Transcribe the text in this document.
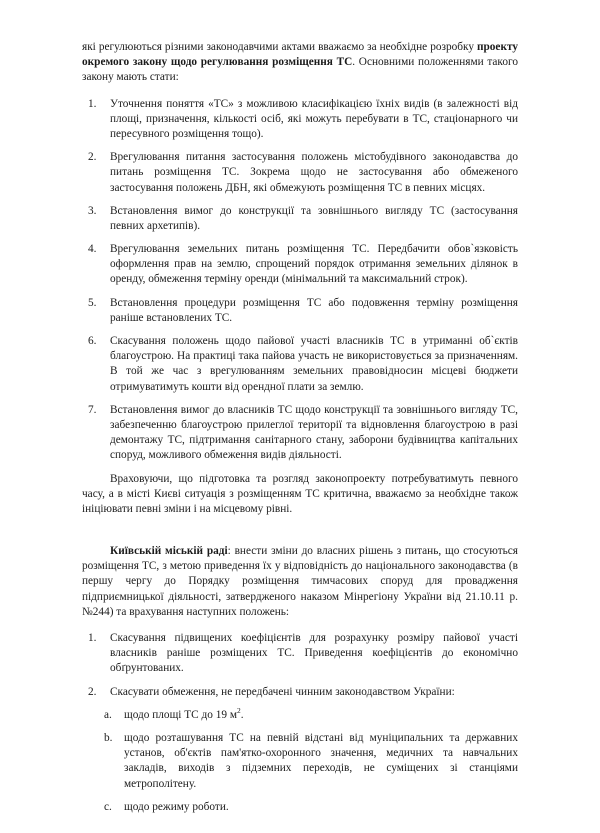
які регулюються різними законодавчими актами вважаємо за необхідне розробку проекту окремого закону щодо регулювання розміщення ТС. Основними положеннями такого закону мають стати:

1.	Уточнення поняття «ТС» з можливою класифікацією їхніх видів (в залежності від площі, призначення, кількості осіб, які можуть перебувати в ТС, стаціонарного чи пересувного розміщення тощо).
2.	Врегулювання питання застосування положень містобудівного законодавства до питань розміщення ТС. Зокрема щодо не застосування або обмеженого застосування положень ДБН, які обмежують розміщення ТС в певних місцях.
3.	Встановлення вимог до конструкції та зовнішнього вигляду ТС (застосування певних архетипів).
4.	Врегулювання земельних питань розміщення ТС. Передбачити обов`язковість оформлення прав на землю, спрощений порядок отримання земельних ділянок в оренду, обмеження терміну оренди (мінімальний та максимальний строк).
5.	Встановлення процедури розміщення ТС або подовження терміну розміщення раніше встановлених ТС.
6.	Скасування положень щодо пайової участі власників ТС в утриманні об`єктів благоустрою. На практиці така пайова участь не використовується за призначенням. В той же час з врегулюванням земельних правовідносин місцеві бюджети отримуватимуть кошти від орендної плати за землю.
7.	Встановлення вимог до власників ТС щодо конструкції та зовнішнього вигляду ТС, забезпеченню благоустрою прилеглої території та відновлення благоустрою в разі демонтажу ТС, підтримання санітарного стану, заборони будівництва капітальних споруд, можливого обмеження видів діяльності.

Враховуючи, що підготовка та розгляд законопроекту потребуватимуть певного часу, а в місті Києві ситуація з розміщенням ТС критична, вважаємо за необхідне також ініціювати певні зміни і на місцевому рівні.

Київській міській раді: внести зміни до власних рішень з питань, що стосуються розміщення ТС, з метою приведення їх у відповідність до національного законодавства (в першу чергу до Порядку розміщення тимчасових споруд для провадження підприємницької діяльності, затвердженого наказом Мінрегіону України від 21.10.11 р. №244) та врахування наступних положень:

1.	Скасування підвищених коефіцієнтів для розрахунку розміру пайової участі власників раніше розміщених ТС. Приведення коефіцієнтів до економічно обґрунтованих.
2.	Скасувати обмеження, не передбачені чинним законодавством України:
a.	щодо площі ТС до 19 $м^2$.
b.	щодо розташування ТС на певній відстані від муніципальних та державних установ, об'єктів пам'ятко-охоронного значення, медичних та навчальних закладів, виходів з підземних переходів, не суміщених зі станціями метрополітену.
c.	щодо режиму роботи.
